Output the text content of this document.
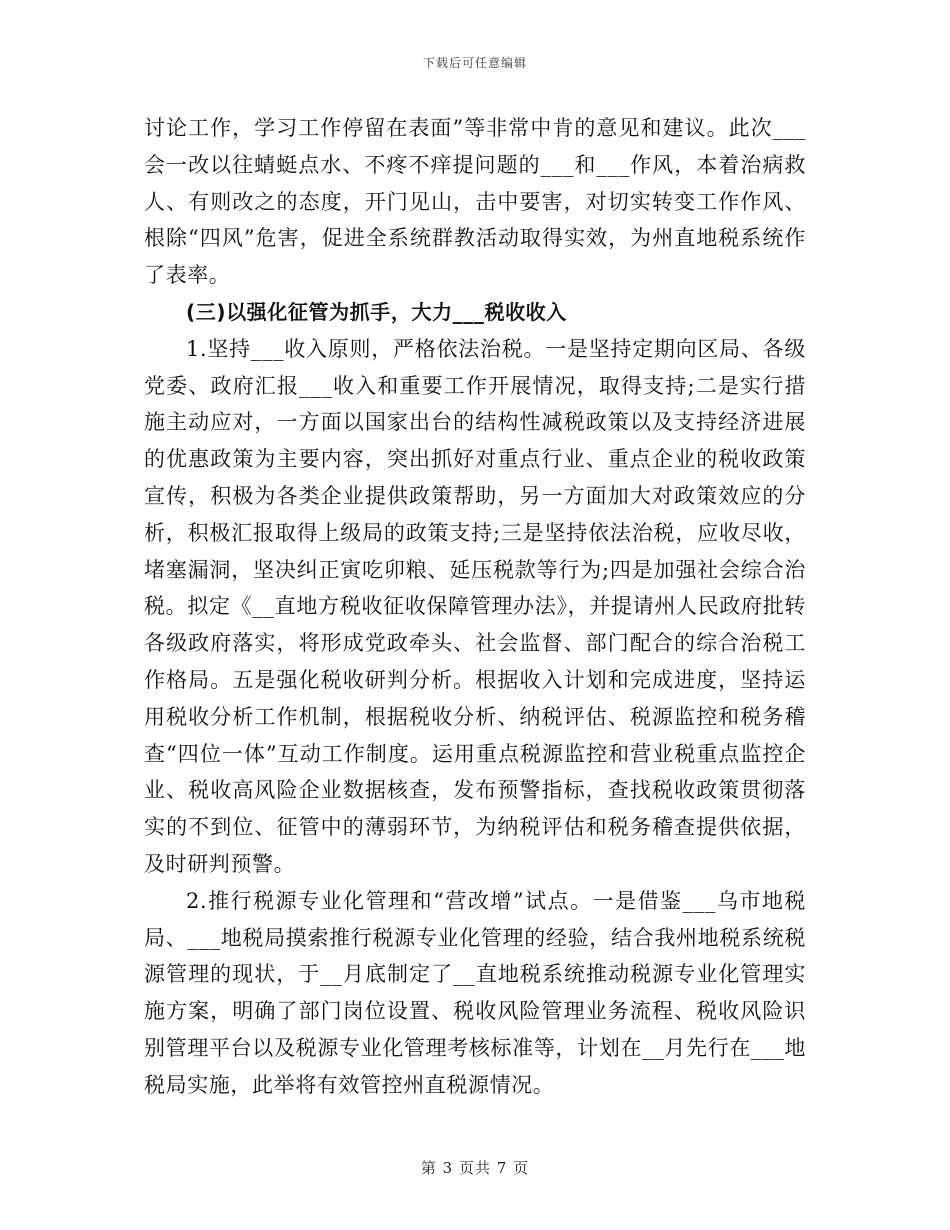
下载后可任意编辑

讨论工作，学习工作停留在表面”等非常中肯的意见和建议。此次___会一改以往蜻蜓点水、不疼不痒提问题的___和___作风，本着治病救人、有则改之的态度，开门见山，击中要害，对切实转变工作作风、根除“四风”危害，促进全系统群教活动取得实效，为州直地税系统作了表率。

(三)以强化征管为抓手，大力___税收收入

1.坚持___收入原则，严格依法治税。一是坚持定期向区局、各级党委、政府汇报___收入和重要工作开展情况，取得支持;二是实行措施主动应对，一方面以国家出台的结构性减税政策以及支持经济进展的优惠政策为主要内容，突出抓好对重点行业、重点企业的税收政策宣传，积极为各类企业提供政策帮助，另一方面加大对政策效应的分析，积极汇报取得上级局的政策支持;三是坚持依法治税，应收尽收，堵塞漏洞，坚决纠正寅吃卯粮、延压税款等行为;四是加强社会综合治税。拟定《__直地方税收征收保障管理办法》，并提请州人民政府批转各级政府落实，将形成党政牵头、社会监督、部门配合的综合治税工作格局。五是强化税收研判分析。根据收入计划和完成进度，坚持运用税收分析工作机制，根据税收分析、纳税评估、税源监控和税务稽查“四位一体”互动工作制度。运用重点税源监控和营业税重点监控企业、税收高风险企业数据核查，发布预警指标，查找税收政策贯彻落实的不到位、征管中的薄弱环节，为纳税评估和税务稽查提供依据，及时研判预警。

2.推行税源专业化管理和“营改增”试点。一是借鉴___乌市地税局、___地税局摸索推行税源专业化管理的经验，结合我州地税系统税源管理的现状，于__月底制定了__直地税系统推动税源专业化管理实施方案，明确了部门岗位设置、税收风险管理业务流程、税收风险识别管理平台以及税源专业化管理考核标准等，计划在__月先行在___地税局实施，此举将有效管控州直税源情况。

第 3 页共 7 页
